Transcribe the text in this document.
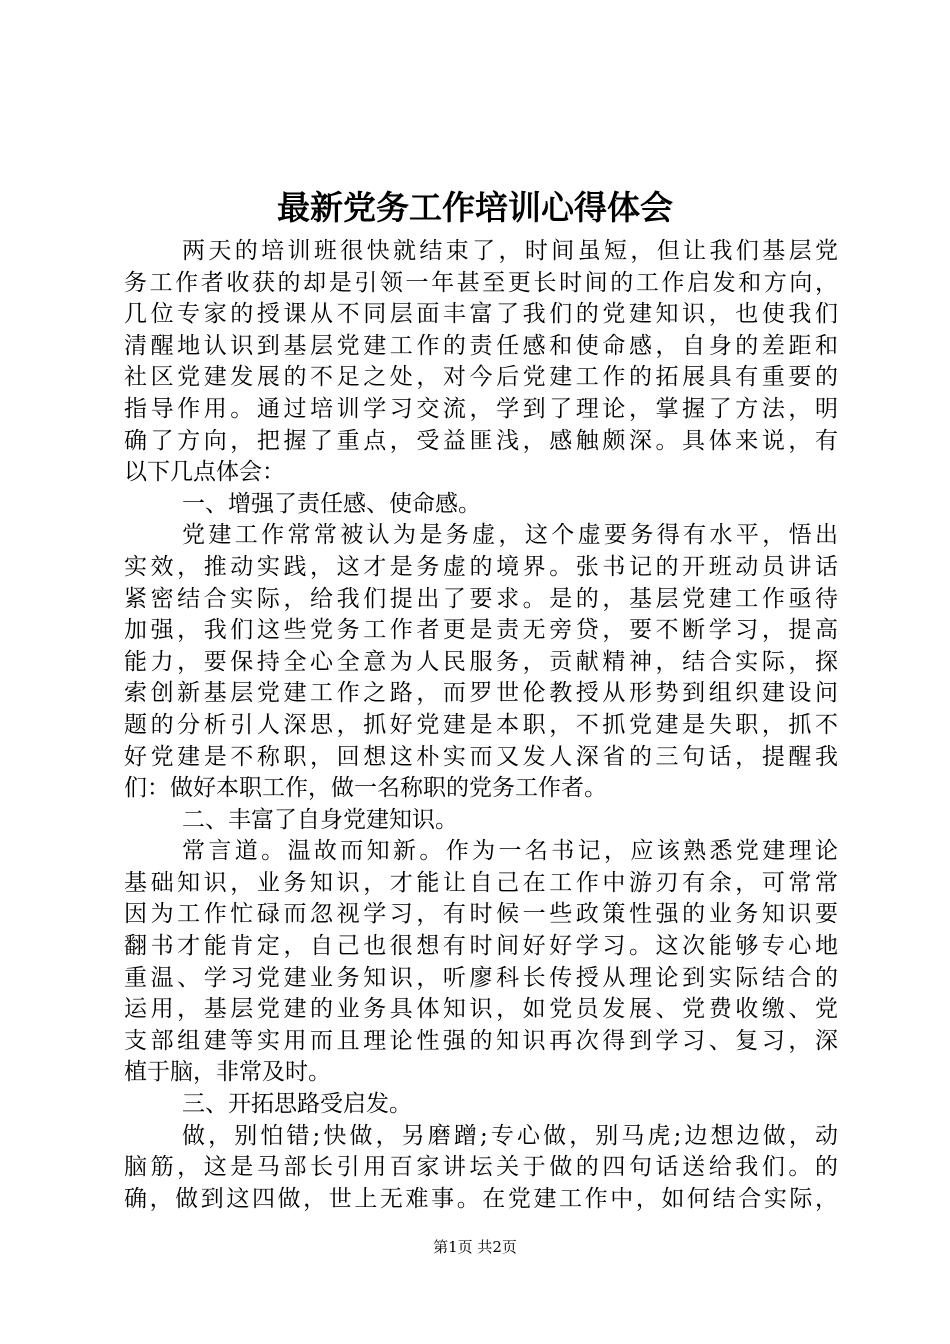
最新党务工作培训心得体会
两天的培训班很快就结束了，时间虽短，但让我们基层党
务工作者收获的却是引领一年甚至更长时间的工作启发和方向，
几位专家的授课从不同层面丰富了我们的党建知识，也使我们
清醒地认识到基层党建工作的责任感和使命感，自身的差距和
社区党建发展的不足之处，对今后党建工作的拓展具有重要的
指导作用。通过培训学习交流，学到了理论，掌握了方法，明
确了方向，把握了重点，受益匪浅，感触颇深。具体来说，有
以下几点体会：
一、增强了责任感、使命感。
党建工作常常被认为是务虚，这个虚要务得有水平，悟出
实效，推动实践，这才是务虚的境界。张书记的开班动员讲话
紧密结合实际，给我们提出了要求。是的，基层党建工作亟待
加强，我们这些党务工作者更是责无旁贷，要不断学习，提高
能力，要保持全心全意为人民服务，贡献精神，结合实际，探
索创新基层党建工作之路，而罗世伦教授从形势到组织建设问
题的分析引人深思，抓好党建是本职，不抓党建是失职，抓不
好党建是不称职，回想这朴实而又发人深省的三句话，提醒我
们：做好本职工作，做一名称职的党务工作者。
二、丰富了自身党建知识。
常言道。温故而知新。作为一名书记，应该熟悉党建理论
基础知识，业务知识，才能让自己在工作中游刃有余，可常常
因为工作忙碌而忽视学习，有时候一些政策性强的业务知识要
翻书才能肯定，自己也很想有时间好好学习。这次能够专心地
重温、学习党建业务知识，听廖科长传授从理论到实际结合的
运用，基层党建的业务具体知识，如党员发展、党费收缴、党
支部组建等实用而且理论性强的知识再次得到学习、复习，深
植于脑，非常及时。
三、开拓思路受启发。
做，别怕错;快做，另磨蹭;专心做，别马虎;边想边做，动
脑筋，这是马部长引用百家讲坛关于做的四句话送给我们。的
确，做到这四做，世上无难事。在党建工作中，如何结合实际，
第1页 共2页
